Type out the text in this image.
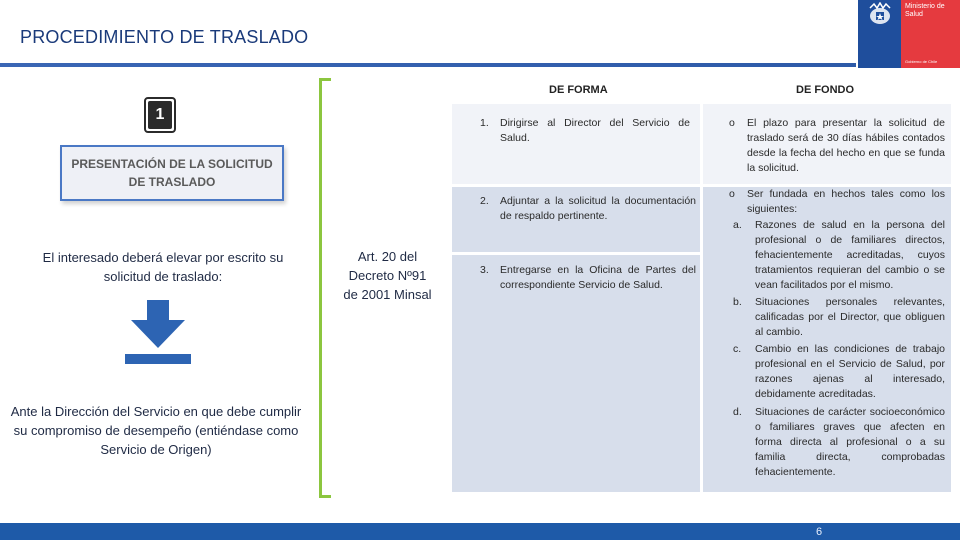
PROCEDIMIENTO DE TRASLADO
Ministerio de Salud
Gobierno de Chile
1
PRESENTACIÓN DE LA SOLICITUD DE TRASLADO
El interesado deberá elevar por escrito su solicitud de traslado:
Ante la Dirección del Servicio en que debe cumplir su compromiso de desempeño (entiéndase como Servicio de Origen)
Art. 20 del Decreto Nº91 de 2001 Minsal
DE FORMA	DE FONDO
1. Dirigirse al Director del Servicio de Salud.
2. Adjuntar a la solicitud la documentación de respaldo pertinente.
3. Entregarse en la Oficina de Partes del correspondiente Servicio de Salud.
o El plazo para presentar la solicitud de traslado será de 30 días hábiles contados desde la fecha del hecho en que se funda la solicitud.
o Ser fundada en hechos tales como los siguientes:
a. Razones de salud en la persona del profesional o de familiares directos, fehacientemente acreditadas, cuyos tratamientos requieran del cambio o se vean facilitados por el mismo.
b. Situaciones personales relevantes, calificadas por el Director, que obliguen al cambio.
c. Cambio en las condiciones de trabajo profesional en el Servicio de Salud, por razones ajenas al interesado, debidamente acreditadas.
d. Situaciones de carácter socioeconómico o familiares graves que afecten en forma directa al profesional o a su familia directa, comprobadas fehacientemente.
6
